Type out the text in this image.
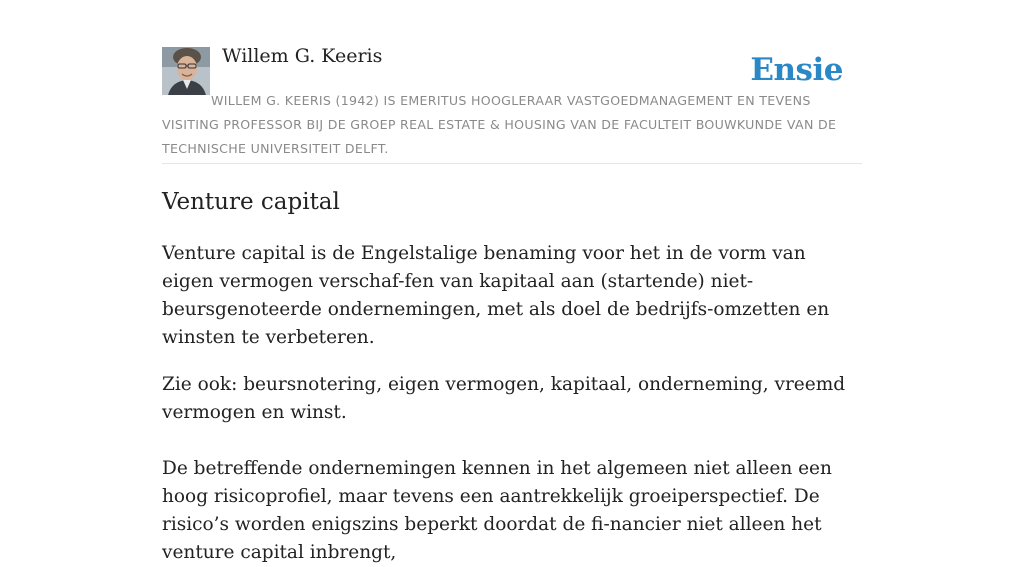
Willem G. Keeris	Ensie
WILLEM G. KEERIS (1942) IS EMERITUS HOOGLERAAR VASTGOEDMANAGEMENT EN TEVENS VISITING PROFESSOR BIJ DE GROEP REAL ESTATE & HOUSING VAN DE FACULTEIT BOUWKUNDE VAN DE TECHNISCHE UNIVERSITEIT DELFT.
Venture capital

Venture capital is de Engelstalige benaming voor het in de vorm van eigen vermogen verschaf-fen van kapitaal aan (startende) niet-beursgenoteerde ondernemingen, met als doel de bedrijfs-omzetten en winsten te verbeteren.

Zie ook: beursnotering, eigen vermogen, kapitaal, onderneming, vreemd vermogen en winst.

De betreffende ondernemingen kennen in het algemeen niet alleen een hoog risicoprofiel, maar tevens een aantrekkelijk groeiperspectief. De risico’s worden enigszins beperkt doordat de fi-nancier niet alleen het venture capital inbrengt,
